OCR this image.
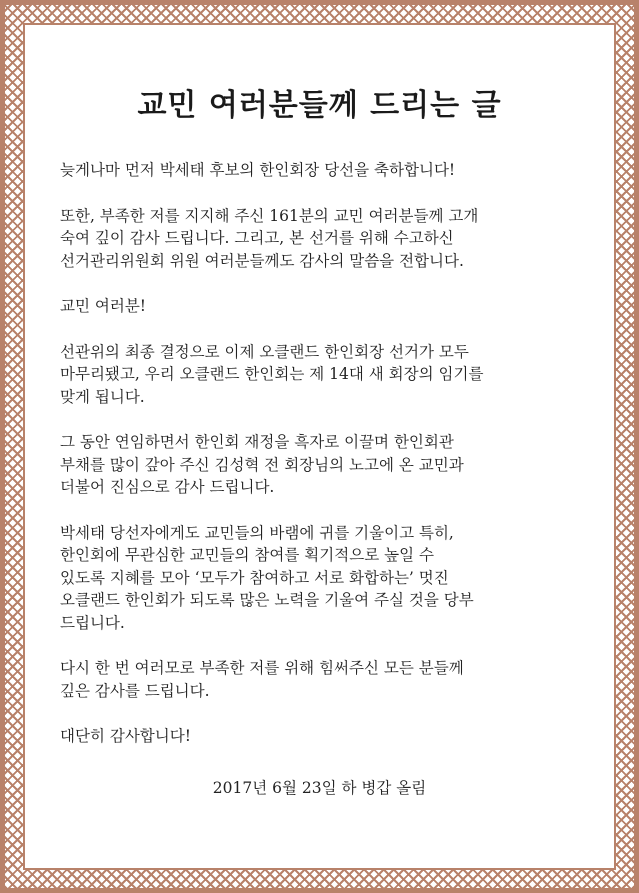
교민 여러분들께 드리는 글
늦게나마 먼저 박세태 후보의 한인회장 당선을 축하합니다!
또한, 부족한 저를 지지해 주신 161분의 교민 여러분들께 고개
숙여 깊이 감사 드립니다. 그리고, 본 선거를 위해 수고하신
선거관리위원회 위원 여러분들께도 감사의 말씀을 전합니다.
교민 여러분!
선관위의 최종 결정으로 이제 오클랜드 한인회장 선거가 모두
마무리됐고, 우리 오클랜드 한인회는 제 14대 새 회장의 임기를
맞게 됩니다.
그 동안 연임하면서 한인회 재정을 흑자로 이끌며 한인회관
부채를 많이 갚아 주신 김성혁 전 회장님의 노고에 온 교민과
더불어 진심으로 감사 드립니다.
박세태 당선자에게도 교민들의 바램에 귀를 기울이고 특히,
한인회에 무관심한 교민들의 참여를 획기적으로 높일 수
있도록 지혜를 모아 ‘모두가 참여하고 서로 화합하는’ 멋진
오클랜드 한인회가 되도록 많은 노력을 기울여 주실 것을 당부
드립니다.
다시 한 번 여러모로 부족한 저를 위해 힘써주신 모든 분들께
깊은 감사를 드립니다.
대단히 감사합니다!
2017년 6월 23일 하 병갑 올림
